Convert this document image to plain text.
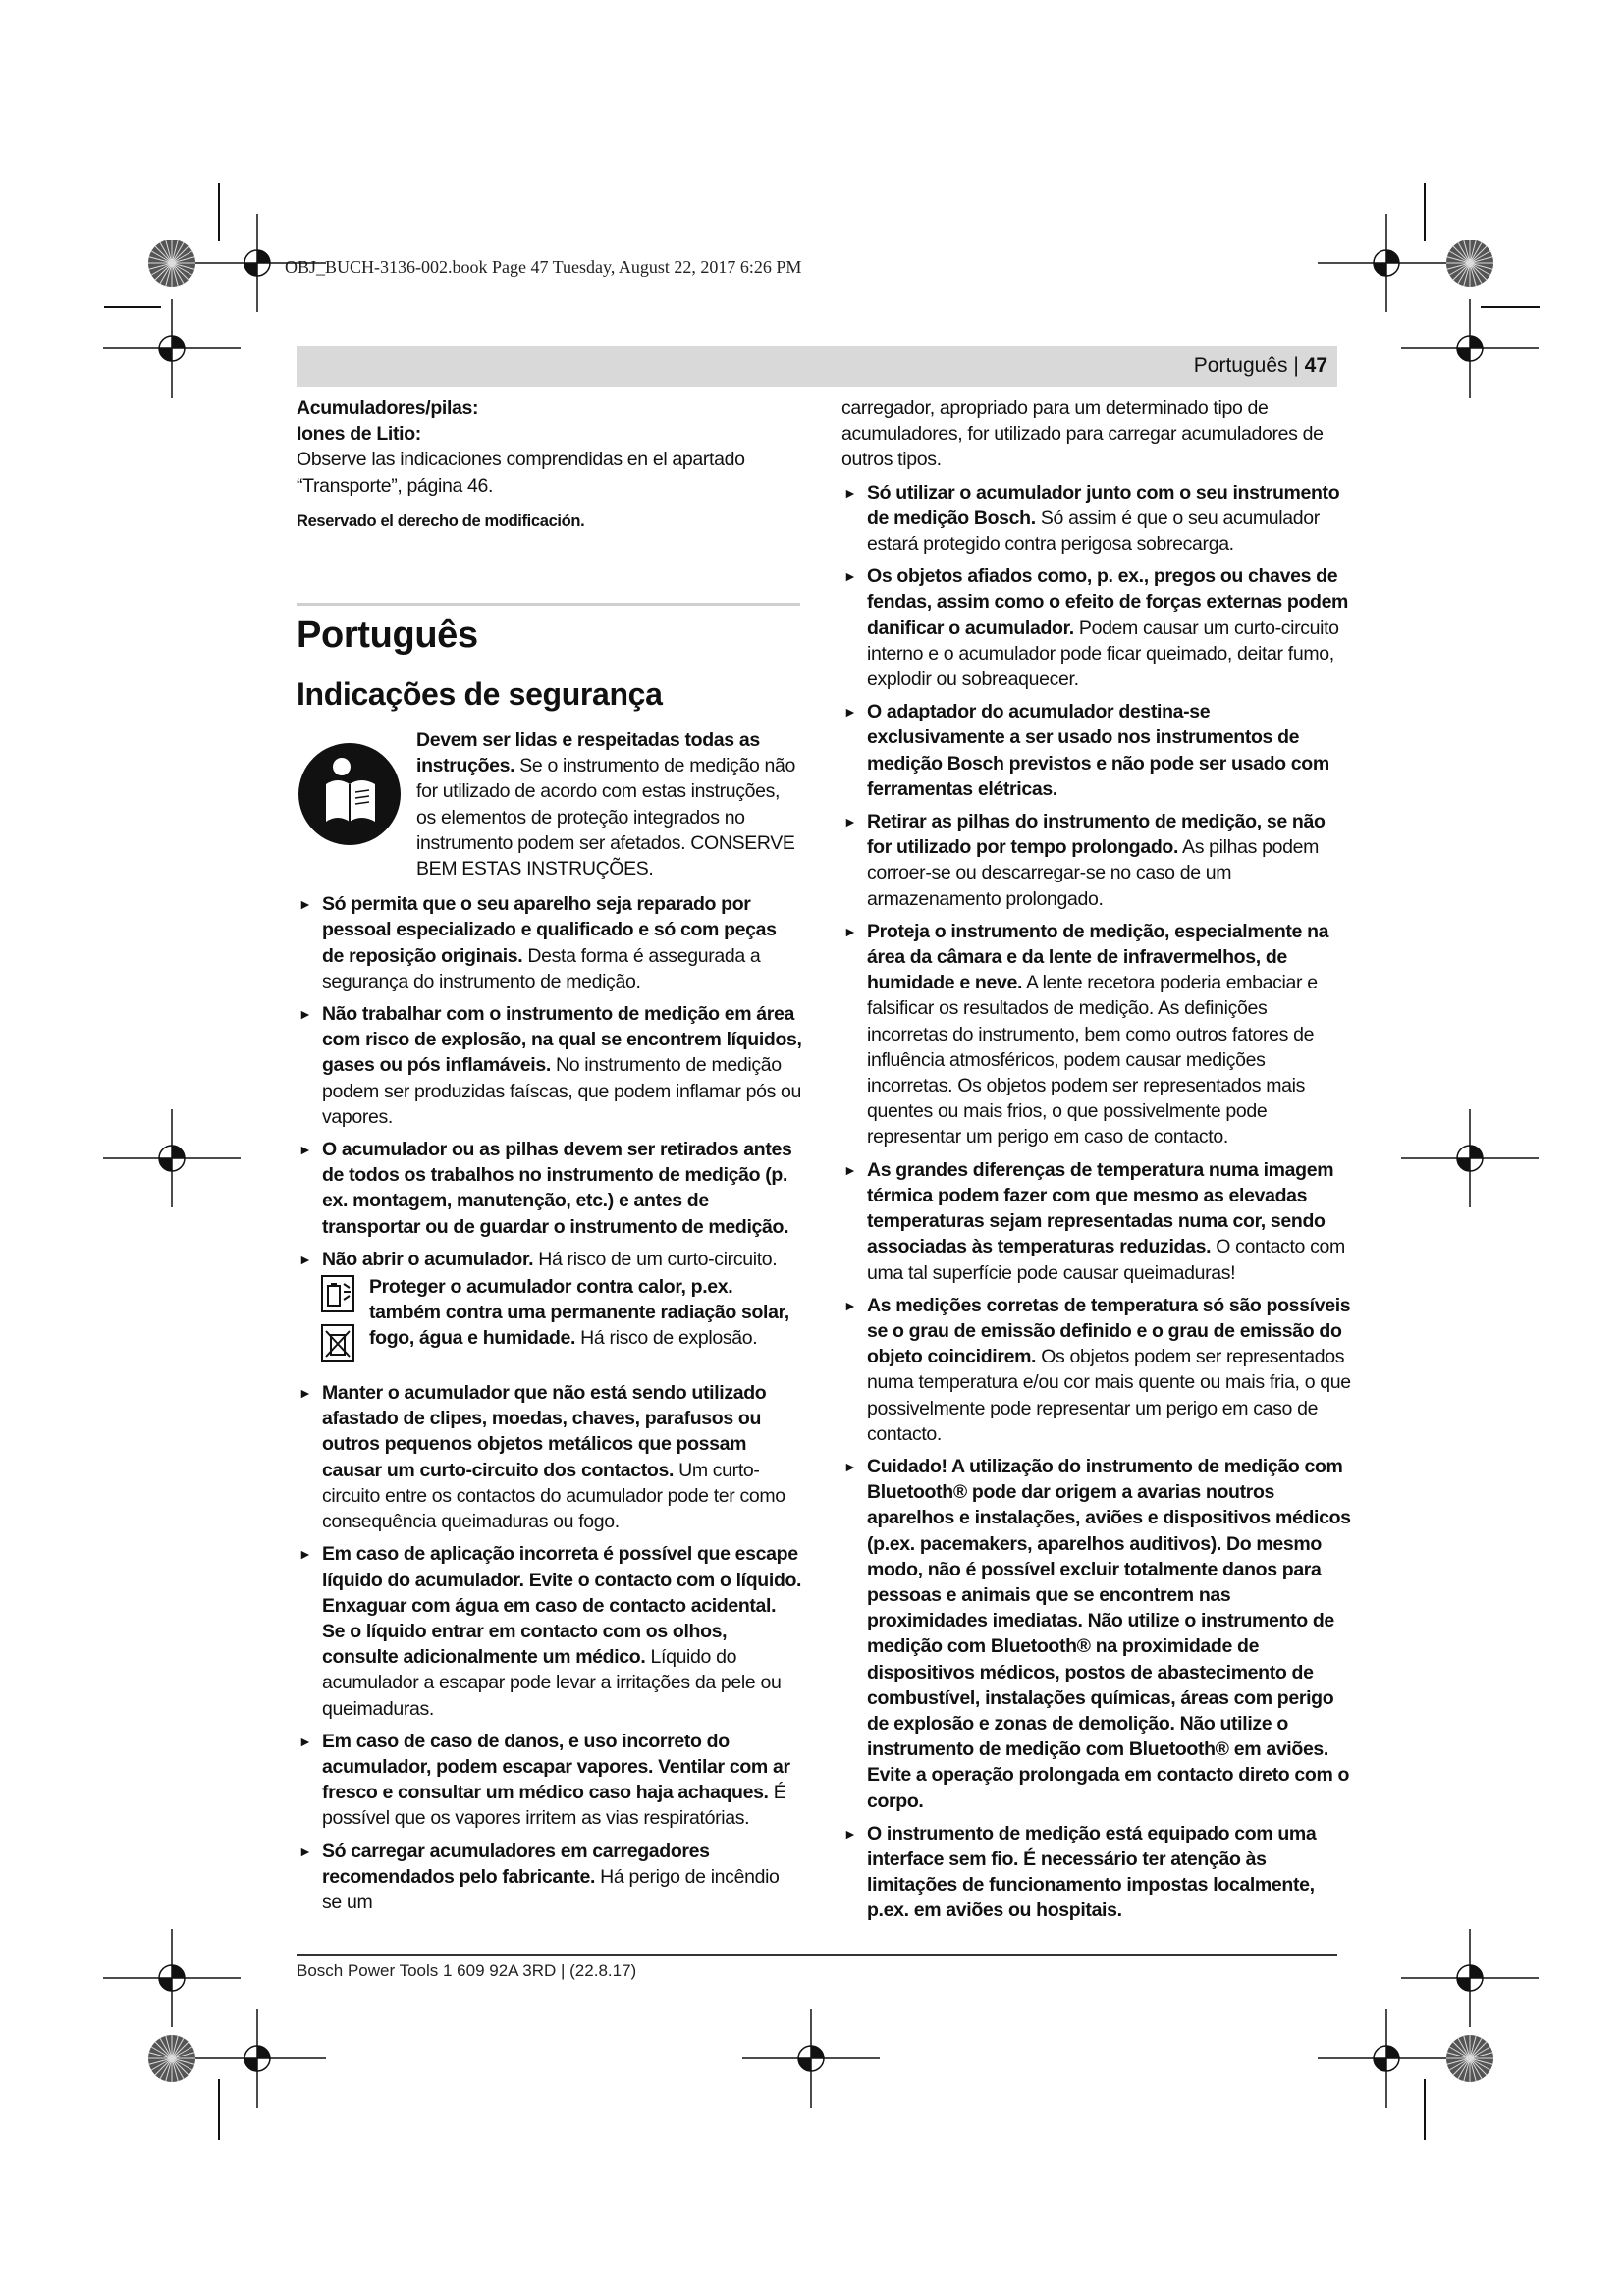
OBJ_BUCH-3136-002.book Page 47 Tuesday, August 22, 2017 6:26 PM
Português | 47

Acumuladores/pilas:

Iones de Litio:

Observe las indicaciones comprendidas en el apartado “Transporte”, página 46.

Reservado el derecho de modificación.

Português
Indicações de segurança
Devem ser lidas e respeitadas todas as instruções. Se o instrumento de medição não for utilizado de acordo com estas instruções, os elementos de proteção integrados no instrumento podem ser afetados. CONSERVE BEM ESTAS INSTRUÇÕES.
► Só permita que o seu aparelho seja reparado por pessoal especializado e qualificado e só com peças de reposição originais. Desta forma é assegurada a segurança do instrumento de medição.
► Não trabalhar com o instrumento de medição em área com risco de explosão, na qual se encontrem líquidos, gases ou pós inflamáveis. No instrumento de medição podem ser produzidas faíscas, que podem inflamar pós ou vapores.
► O acumulador ou as pilhas devem ser retirados antes de todos os trabalhos no instrumento de medição (p. ex. montagem, manutenção, etc.) e antes de transportar ou de guardar o instrumento de medição.
► Não abrir o acumulador. Há risco de um curto-circuito.
Proteger o acumulador contra calor, p.ex. também contra uma permanente radiação solar, fogo, água e humidade. Há risco de explosão.
► Manter o acumulador que não está sendo utilizado afastado de clipes, moedas, chaves, parafusos ou outros pequenos objetos metálicos que possam causar um curto-circuito dos contactos. Um curto-circuito entre os contactos do acumulador pode ter como consequência queimaduras ou fogo.
► Em caso de aplicação incorreta é possível que escape líquido do acumulador. Evite o contacto com o líquido. Enxaguar com água em caso de contacto acidental. Se o líquido entrar em contacto com os olhos, consulte adicionalmente um médico. Líquido do acumulador a escapar pode levar a irritações da pele ou queimaduras.
► Em caso de caso de danos, e uso incorreto do acumulador, podem escapar vapores. Ventilar com ar fresco e consultar um médico caso haja achaques. É possível que os vapores irritem as vias respiratórias.
► Só carregar acumuladores em carregadores recomendados pelo fabricante. Há perigo de incêndio se um

carregador, apropriado para um determinado tipo de acumuladores, for utilizado para carregar acumuladores de outros tipos.

► Só utilizar o acumulador junto com o seu instrumento de medição Bosch. Só assim é que o seu acumulador estará protegido contra perigosa sobrecarga.
► Os objetos afiados como, p. ex., pregos ou chaves de fendas, assim como o efeito de forças externas podem danificar o acumulador. Podem causar um curto-circuito interno e o acumulador pode ficar queimado, deitar fumo, explodir ou sobreaquecer.
► O adaptador do acumulador destina-se exclusivamente a ser usado nos instrumentos de medição Bosch previstos e não pode ser usado com ferramentas elétricas.
► Retirar as pilhas do instrumento de medição, se não for utilizado por tempo prolongado. As pilhas podem corroer-se ou descarregar-se no caso de um armazenamento prolongado.
► Proteja o instrumento de medição, especialmente na área da câmara e da lente de infravermelhos, de humidade e neve. A lente recetora poderia embaciar e falsificar os resultados de medição. As definições incorretas do instrumento, bem como outros fatores de influência atmosféricos, podem causar medições incorretas. Os objetos podem ser representados mais quentes ou mais frios, o que possivelmente pode representar um perigo em caso de contacto.
► As grandes diferenças de temperatura numa imagem térmica podem fazer com que mesmo as elevadas temperaturas sejam representadas numa cor, sendo associadas às temperaturas reduzidas. O contacto com uma tal superfície pode causar queimaduras!
► As medições corretas de temperatura só são possíveis se o grau de emissão definido e o grau de emissão do objeto coincidirem. Os objetos podem ser representados numa temperatura e/ou cor mais quente ou mais fria, o que possivelmente pode representar um perigo em caso de contacto.
► Cuidado! A utilização do instrumento de medição com Bluetooth® pode dar origem a avarias noutros aparelhos e instalações, aviões e dispositivos médicos (p.ex. pacemakers, aparelhos auditivos). Do mesmo modo, não é possível excluir totalmente danos para pessoas e animais que se encontrem nas proximidades imediatas. Não utilize o instrumento de medição com Bluetooth® na proximidade de dispositivos médicos, postos de abastecimento de combustível, instalações químicas, áreas com perigo de explosão e zonas de demolição. Não utilize o instrumento de medição com Bluetooth® em aviões. Evite a operação prolongada em contacto direto com o corpo.
► O instrumento de medição está equipado com uma interface sem fio. É necessário ter atenção às limitações de funcionamento impostas localmente, p.ex. em aviões ou hospitais.
Bosch Power Tools 1 609 92A 3RD | (22.8.17)
